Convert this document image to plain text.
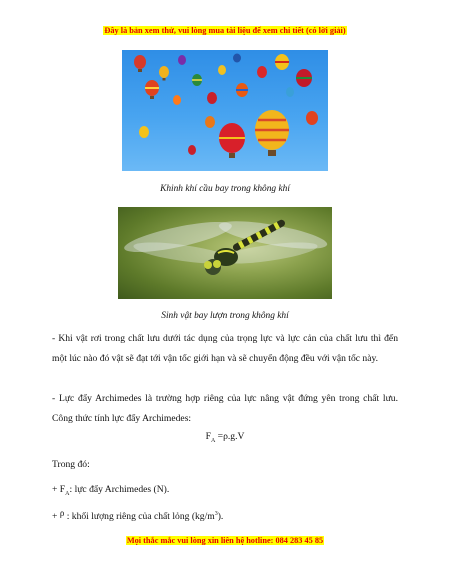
Đây là bản xem thử, vui lòng mua tài liệu để xem chi tiết (có lời giải)
Khinh khí cầu bay trong không khí
Sinh vật bay lượn trong không khí

- Khi vật rơi trong chất lưu dưới tác dụng của trọng lực và lực cản của chất lưu thì đến một lúc nào đó vật sẽ đạt tới vận tốc giới hạn và sẽ chuyển động đều với vận tốc này.

- Lực đẩy Archimedes là trường hợp riêng của lực nâng vật đứng yên trong chất lưu. Công thức tính lực đẩy Archimedes:

$F_A =\rho.g.V$

Trong đó:

+ $F_A$: lực đẩy Archimedes (N).

+ ρ : khối lượng riêng của chất lỏng $(kg/m^3)$.

Mọi thắc mắc vui lòng xin liên hệ hotline: 084 283 45 85
